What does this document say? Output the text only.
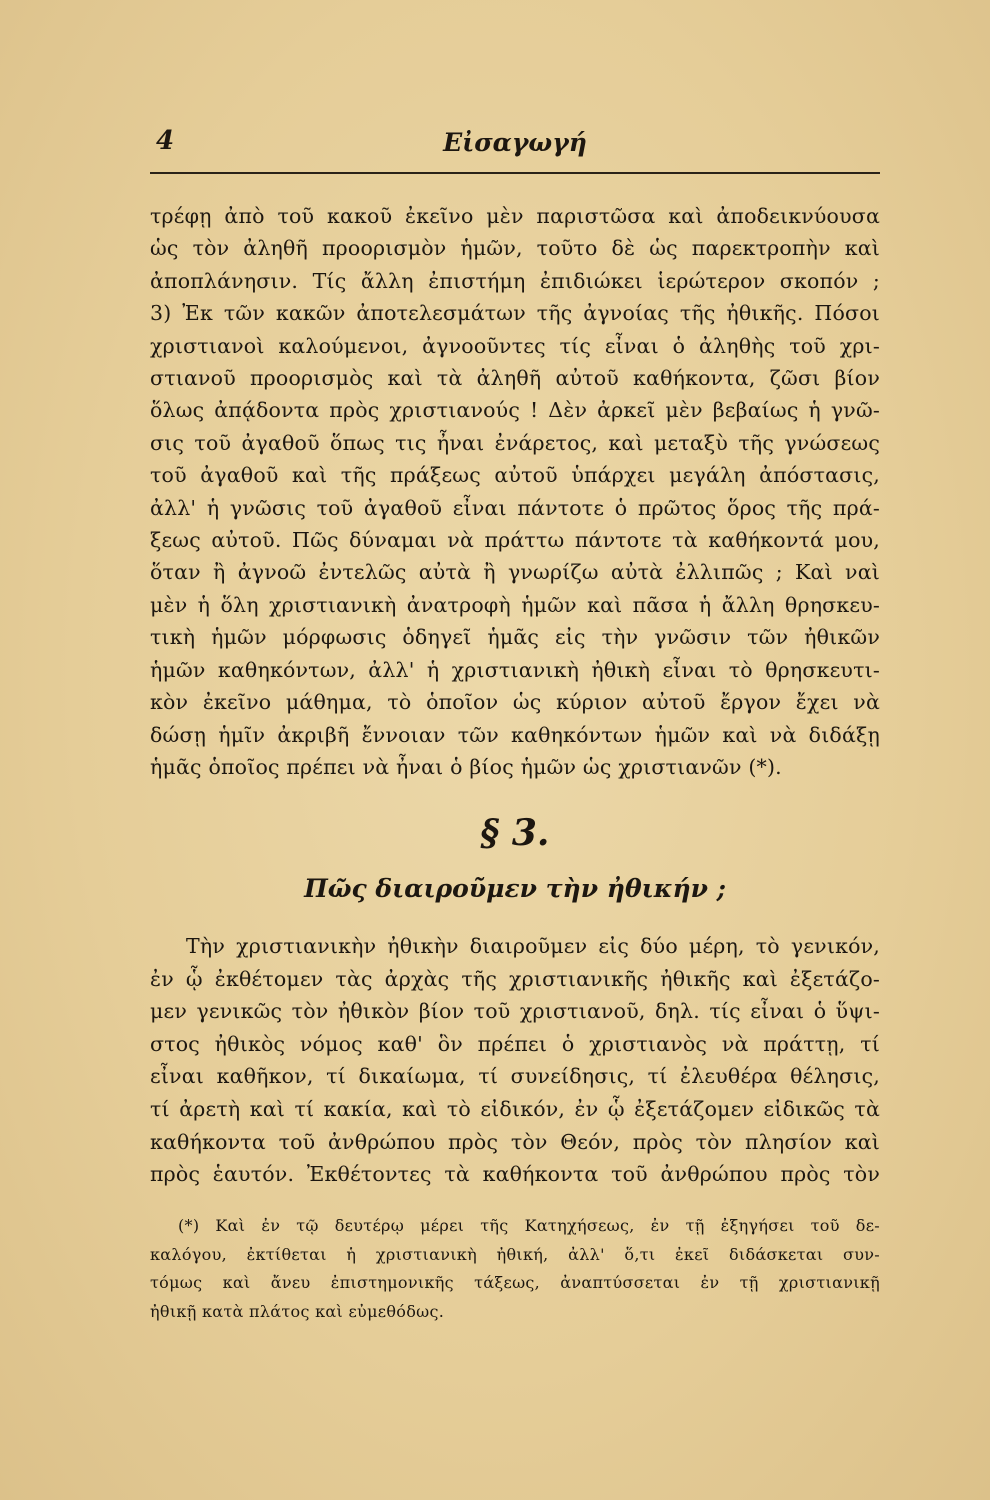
4	Εἰσαγωγή
τρέφῃ ἀπὸ τοῦ κακοῦ ἐκεῖνο μὲν παριστῶσα καὶ ἀποδεικνύουσα
ὡς τὸν ἀληθῆ προορισμὸν ἡμῶν, τοῦτο δὲ ὡς παρεκτροπὴν καὶ
ἀποπλάνησιν. Τίς ἄλλη ἐπιστήμη ἐπιδιώκει ἱερώτερον σκοπόν ;
3) Ἐκ τῶν κακῶν ἀποτελεσμάτων τῆς ἀγνοίας τῆς ἠθικῆς. Πόσοι
χριστιανοὶ καλούμενοι, ἀγνοοῦντες τίς εἶναι ὁ ἀληθὴς τοῦ χρι-
στιανοῦ προορισμὸς καὶ τὰ ἀληθῆ αὐτοῦ καθήκοντα, ζῶσι βίον
ὅλως ἀπᾴδοντα πρὸς χριστιανούς ! Δὲν ἀρκεῖ μὲν βεβαίως ἡ γνῶ-
σις τοῦ ἀγαθοῦ ὅπως τις ἦναι ἐνάρετος, καὶ μεταξὺ τῆς γνώσεως
τοῦ ἀγαθοῦ καὶ τῆς πράξεως αὐτοῦ ὑπάρχει μεγάλη ἀπόστασις,
ἀλλ' ἡ γνῶσις τοῦ ἀγαθοῦ εἶναι πάντοτε ὁ πρῶτος ὅρος τῆς πρά-
ξεως αὐτοῦ. Πῶς δύναμαι νὰ πράττω πάντοτε τὰ καθήκοντά μου,
ὅταν ἢ ἀγνοῶ ἐντελῶς αὐτὰ ἢ γνωρίζω αὐτὰ ἐλλιπῶς ; Καὶ ναὶ
μὲν ἡ ὅλη χριστιανικὴ ἀνατροφὴ ἡμῶν καὶ πᾶσα ἡ ἄλλη θρησκευ-
τικὴ ἡμῶν μόρφωσις ὁδηγεῖ ἡμᾶς εἰς τὴν γνῶσιν τῶν ἠθικῶν
ἡμῶν καθηκόντων, ἀλλ' ἡ χριστιανικὴ ἠθικὴ εἶναι τὸ θρησκευτι-
κὸν ἐκεῖνο μάθημα, τὸ ὁποῖον ὡς κύριον αὐτοῦ ἔργον ἔχει νὰ
δώσῃ ἡμῖν ἀκριβῆ ἔννοιαν τῶν καθηκόντων ἡμῶν καὶ νὰ διδάξῃ
ἡμᾶς ὁποῖος πρέπει νὰ ἦναι ὁ βίος ἡμῶν ὡς χριστιανῶν (*).
§ 3.
Πῶς διαιροῦμεν τὴν ἠθικήν ;
Τὴν χριστιανικὴν ἠθικὴν διαιροῦμεν εἰς δύο μέρη, τὸ γενικόν,
ἐν ᾧ ἐκθέτομεν τὰς ἀρχὰς τῆς χριστιανικῆς ἠθικῆς καὶ ἐξετάζο-
μεν γενικῶς τὸν ἠθικὸν βίον τοῦ χριστιανοῦ, δηλ. τίς εἶναι ὁ ὕψι-
στος ἠθικὸς νόμος καθ' ὃν πρέπει ὁ χριστιανὸς νὰ πράττῃ, τί
εἶναι καθῆκον, τί δικαίωμα, τί συνείδησις, τί ἐλευθέρα θέλησις,
τί ἀρετὴ καὶ τί κακία, καὶ τὸ εἰδικόν, ἐν ᾧ ἐξετάζομεν εἰδικῶς τὰ
καθήκοντα τοῦ ἀνθρώπου πρὸς τὸν Θεόν, πρὸς τὸν πλησίον καὶ
πρὸς ἑαυτόν. Ἐκθέτοντες τὰ καθήκοντα τοῦ ἀνθρώπου πρὸς τὸν
(*) Καὶ ἐν τῷ δευτέρῳ μέρει τῆς Κατηχήσεως, ἐν τῇ ἐξηγήσει τοῦ δε-
καλόγου, ἐκτίθεται ἡ χριστιανικὴ ἠθική, ἀλλ' ὅ,τι ἐκεῖ διδάσκεται συν-
τόμως καὶ ἄνευ ἐπιστημονικῆς τάξεως, ἀναπτύσσεται ἐν τῇ χριστιανικῇ
ἠθικῇ κατὰ πλάτος καὶ εὐμεθόδως.
